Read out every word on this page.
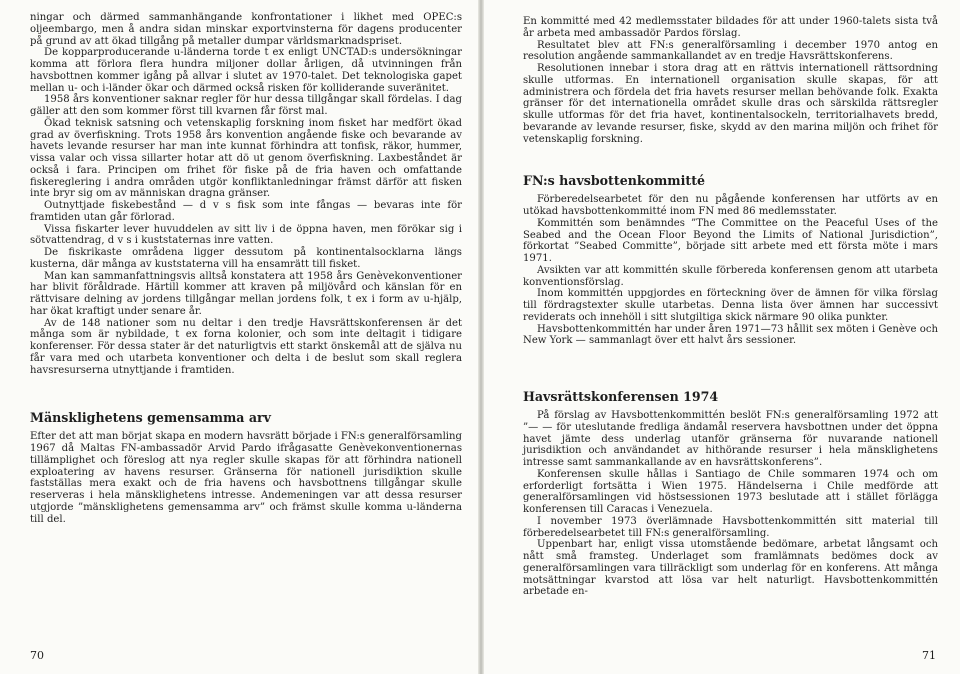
ningar och därmed sammanhängande konfrontationer i likhet med OPEC:s oljeembargo, men å andra sidan minskar exportvinsterna för dagens producenter på grund av att ökad tillgång på metaller dumpar världsmarknadspriset.

De kopparproducerande u-länderna torde t ex enligt UNCTAD:s undersökningar komma att förlora flera hundra miljoner dollar årligen, då utvinningen från havsbottnen kommer igång på allvar i slutet av 1970-talet. Det teknologiska gapet mellan u- och i-länder ökar och därmed också risken för kolliderande suveränitet.

1958 års konventioner saknar regler för hur dessa tillgångar skall fördelas. I dag gäller att den som kommer först till kvarnen får först mal.

Ökad teknisk satsning och vetenskaplig forskning inom fisket har medfört ökad grad av överfiskning. Trots 1958 års konvention angående fiske och bevarande av havets levande resurser har man inte kunnat förhindra att tonfisk, räkor, hummer, vissa valar och vissa sillarter hotar att dö ut genom överfiskning. Laxbeståndet är också i fara. Principen om frihet för fiske på de fria haven och omfattande fiskereglering i andra områden utgör konfliktanledningar främst därför att fisken inte bryr sig om av människan dragna gränser.

Outnyttjade fiskebestånd — d v s fisk som inte fångas — bevaras inte för framtiden utan går förlorad.

Vissa fiskarter lever huvuddelen av sitt liv i de öppna haven, men förökar sig i sötvattendrag, d v s i kuststaternas inre vatten.

De fiskrikaste områdena ligger dessutom på kontinentalsocklarna längs kusterna, där många av kuststaterna vill ha ensamrätt till fisket.

Man kan sammanfattningsvis alltså konstatera att 1958 års Genèvekonventioner har blivit föråldrade. Härtill kommer att kraven på miljövård och känslan för en rättvisare delning av jordens tillgångar mellan jordens folk, t ex i form av u-hjälp, har ökat kraftigt under senare år.

Av de 148 nationer som nu deltar i den tredje Havsrättskonferensen är det många som är nybildade, t ex forna kolonier, och som inte deltagit i tidigare konferenser. För dessa stater är det naturligtvis ett starkt önskemål att de själva nu får vara med och utarbeta konventioner och delta i de beslut som skall reglera havsresurserna utnyttjande i framtiden.

Mänsklighetens gemensamma arv

Efter det att man börjat skapa en modern havsrätt började i FN:s generalförsamling 1967 då Maltas FN-ambassadör Arvid Pardo ifrågasatte Genèvekonventionernas tillämplighet och föreslog att nya regler skulle skapas för att förhindra nationell exploatering av havens resurser. Gränserna för nationell jurisdiktion skulle fastställas mera exakt och de fria havens och havsbottnens tillgångar skulle reserveras i hela mänsklighetens intresse. Andemeningen var att dessa resurser utgjorde ”mänsklighetens gemensamma arv” och främst skulle komma u-länderna till del.

70

En kommitté med 42 medlemsstater bildades för att under 1960-talets sista två år arbeta med ambassadör Pardos förslag.

Resultatet blev att FN:s generalförsamling i december 1970 antog en resolution angående sammankallandet av en tredje Havsrättskonferens.

Resolutionen innebar i stora drag att en rättvis internationell rättsordning skulle utformas. En internationell organisation skulle skapas, för att administrera och fördela det fria havets resurser mellan behövande folk. Exakta gränser för det internationella området skulle dras och särskilda rättsregler skulle utformas för det fria havet, kontinentalsockeln, territorialhavets bredd, bevarande av levande resurser, fiske, skydd av den marina miljön och frihet för vetenskaplig forskning.

FN:s havsbottenkommitté

Förberedelsearbetet för den nu pågående konferensen har utförts av en utökad havsbottenkommitté inom FN med 86 medlemsstater.

Kommittén som benämndes ”The Committee on the Peaceful Uses of the Seabed and the Ocean Floor Beyond the Limits of National Jurisdiction”, förkortat ”Seabed Committe”, började sitt arbete med ett första möte i mars 1971.

Avsikten var att kommittén skulle förbereda konferensen genom att utarbeta konventionsförslag.

Inom kommittén uppgjordes en förteckning över de ämnen för vilka förslag till fördragstexter skulle utarbetas. Denna lista över ämnen har successivt reviderats och innehöll i sitt slutgiltiga skick närmare 90 olika punkter.

Havsbottenkommittén har under åren 1971—73 hållit sex möten i Genève och New York — sammanlagt över ett halvt års sessioner.

Havsrättskonferensen 1974

På förslag av Havsbottenkommittén beslöt FN:s generalförsamling 1972 att ”— — för uteslutande fredliga ändamål reservera havsbottnen under det öppna havet jämte dess underlag utanför gränserna för nuvarande nationell jurisdiktion och användandet av hithörande resurser i hela mänsklighetens intresse samt sammankallande av en havsrättskonferens”.

Konferensen skulle hållas i Santiago de Chile sommaren 1974 och om erforderligt fortsätta i Wien 1975. Händelserna i Chile medförde att generalförsamlingen vid höstsessionen 1973 beslutade att i stället förlägga konferensen till Caracas i Venezuela.

I november 1973 överlämnade Havsbottenkommittén sitt material till förberedelsearbetet till FN:s generalförsamling.

Uppenbart har, enligt vissa utomstående bedömare, arbetat långsamt och nått små framsteg. Underlaget som framlämnats bedömes dock av generalförsamlingen vara tillräckligt som underlag för en konferens. Att många motsättningar kvarstod att lösa var helt naturligt. Havsbottenkommittén arbetade en-

71
